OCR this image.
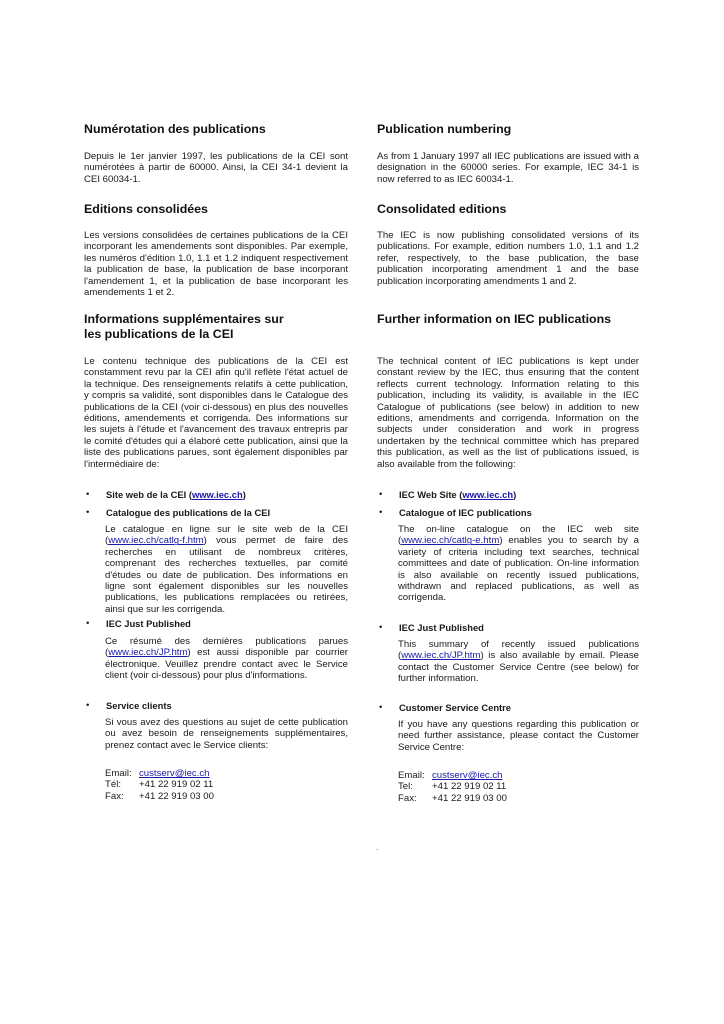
Numérotation des publications

Depuis le 1er janvier 1997, les publications de la CEI sont numérotées à partir de 60000. Ainsi, la CEI 34-1 devient la CEI 60034-1.

Editions consolidées

Les versions consolidées de certaines publications de la CEI incorporant les amendements sont disponibles. Par exemple, les numéros d'édition 1.0, 1.1 et 1.2 indiquent respectivement la publication de base, la publication de base incorporant l'amendement 1, et la publication de base incorporant les amendements 1 et 2.

Informations supplémentaires sur les publications de la CEI

Le contenu technique des publications de la CEI est constamment revu par la CEI afin qu'il reflète l'état actuel de la technique. Des renseignements relatifs à cette publication, y compris sa validité, sont disponibles dans le Catalogue des publications de la CEI (voir ci-dessous) en plus des nouvelles éditions, amendements et corrigenda. Des informations sur les sujets à l'étude et l'avancement des travaux entrepris par le comité d'études qui a élaboré cette publication, ainsi que la liste des publications parues, sont également disponibles par l'intermédiaire de:

• Site web de la CEI (www.iec.ch)
• Catalogue des publications de la CEI

Le catalogue en ligne sur le site web de la CEI (www.iec.ch/catlg-f.htm) vous permet de faire des recherches en utilisant de nombreux critères, comprenant des recherches textuelles, par comité d'études ou date de publication. Des informations en ligne sont également disponibles sur les nouvelles publications, les publications remplacées ou retirées, ainsi que sur les corrigenda.

• IEC Just Published

Ce résumé des dernières publications parues (www.iec.ch/JP.htm) est aussi disponible par courrier électronique. Veuillez prendre contact avec le Service client (voir ci-dessous) pour plus d'informations.

• Service clients

Si vous avez des questions au sujet de cette publication ou avez besoin de renseignements supplémentaires, prenez contact avec le Service clients:

Email: custserv@iec.ch
Tél:	+41 22 919 02 11
Fax:	+41 22 919 03 00
Publication numbering

As from 1 January 1997 all IEC publications are issued with a designation in the 60000 series. For example, IEC 34-1 is now referred to as IEC 60034-1.

Consolidated editions

The IEC is now publishing consolidated versions of its publications. For example, edition numbers 1.0, 1.1 and 1.2 refer, respectively, to the base publication, the base publication incorporating amendment 1 and the base publication incorporating amendments 1 and 2.

Further information on IEC publications

The technical content of IEC publications is kept under constant review by the IEC, thus ensuring that the content reflects current technology. Information relating to this publication, including its validity, is available in the IEC Catalogue of publications (see below) in addition to new editions, amendments and corrigenda. Information on the subjects under consideration and work in progress undertaken by the technical committee which has prepared this publication, as well as the list of publications issued, is also available from the following:

• IEC Web Site (www.iec.ch)
• Catalogue of IEC publications

The on-line catalogue on the IEC web site (www.iec.ch/catlg-e.htm) enables you to search by a variety of criteria including text searches, technical committees and date of publication. On-line information is also available on recently issued publications, withdrawn and replaced publications, as well as corrigenda.

• IEC Just Published

This summary of recently issued publications (www.iec.ch/JP.htm) is also available by email. Please contact the Customer Service Centre (see below) for further information.

• Customer Service Centre

If you have any questions regarding this publication or need further assistance, please contact the Customer Service Centre:

Email: custserv@iec.ch
Tel:	+41 22 919 02 11
Fax:	+41 22 919 03 00
.
